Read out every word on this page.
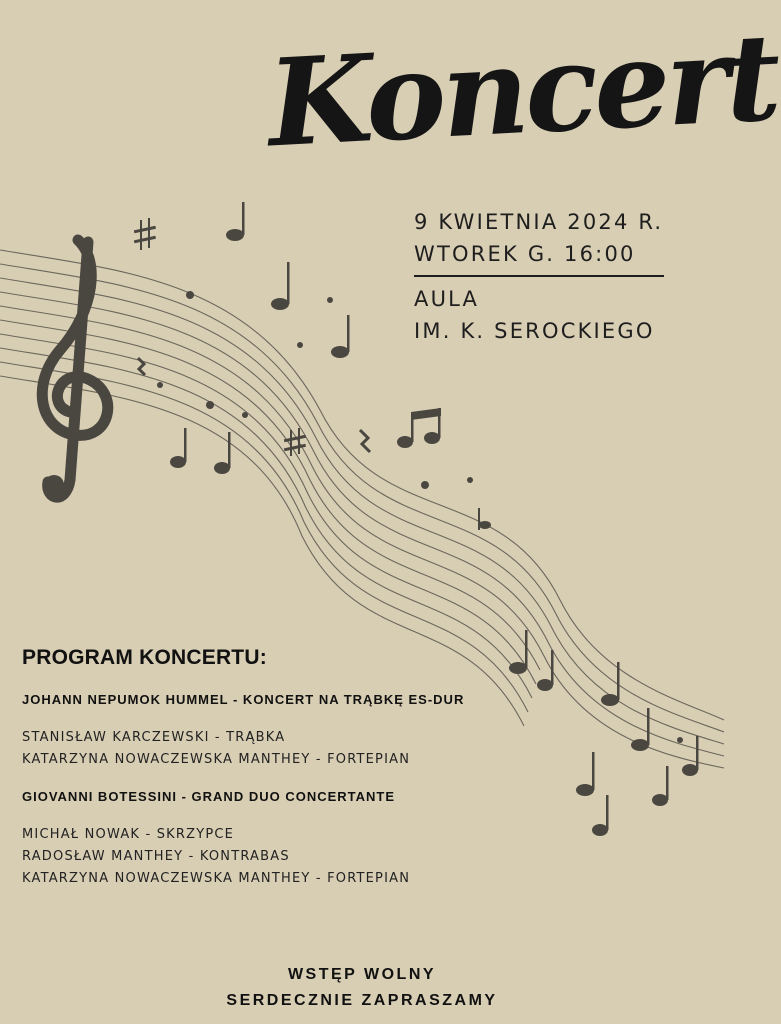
Koncert
9 KWIETNIA 2024 R.
WTOREK G. 16:00
AULA
IM. K. SEROCKIEGO
PROGRAM KONCERTU:
JOHANN NEPUMOK HUMMEL - KONCERT NA TRĄBKĘ ES-DUR
STANISŁAW KARCZEWSKI - TRĄBKA
KATARZYNA NOWACZEWSKA MANTHEY - FORTEPIAN
GIOVANNI BOTESSINI - GRAND DUO CONCERTANTE
MICHAŁ NOWAK - SKRZYPCE
RADOSŁAW MANTHEY - KONTRABAS
KATARZYNA NOWACZEWSKA MANTHEY - FORTEPIAN
WSTĘP WOLNY
SERDECZNIE ZAPRASZAMY
